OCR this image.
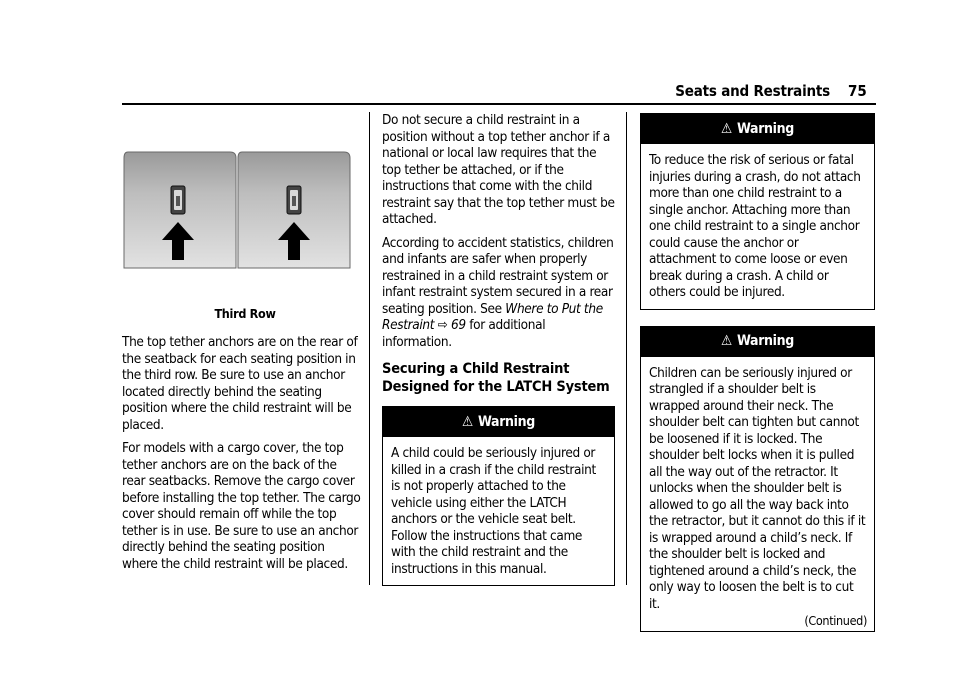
Seats and Restraints 75
Third Row

The top tether anchors are on the rear of the seatback for each seating position in the third row. Be sure to use an anchor located directly behind the seating position where the child restraint will be placed.

For models with a cargo cover, the top tether anchors are on the back of the rear seatbacks. Remove the cargo cover before installing the top tether. The cargo cover should remain off while the top tether is in use. Be sure to use an anchor directly behind the seating position where the child restraint will be placed.

Do not secure a child restraint in a position without a top tether anchor if a national or local law requires that the top tether be attached, or if the instructions that come with the child restraint say that the top tether must be attached.

According to accident statistics, children and infants are safer when properly restrained in a child restraint system or infant restraint system secured in a rear seating position. See Where to Put the Restraint ⇨ 69 for additional information.

Securing a Child Restraint Designed for the LATCH System
⚠ Warning
A child could be seriously injured or killed in a crash if the child restraint is not properly attached to the vehicle using either the LATCH anchors or the vehicle seat belt. Follow the instructions that came with the child restraint and the instructions in this manual.
⚠ Warning
To reduce the risk of serious or fatal injuries during a crash, do not attach more than one child restraint to a single anchor. Attaching more than one child restraint to a single anchor could cause the anchor or attachment to come loose or even break during a crash. A child or others could be injured.
⚠ Warning
Children can be seriously injured or strangled if a shoulder belt is wrapped around their neck. The shoulder belt can tighten but cannot be loosened if it is locked. The shoulder belt locks when it is pulled all the way out of the retractor. It unlocks when the shoulder belt is allowed to go all the way back into the retractor, but it cannot do this if it is wrapped around a child’s neck. If the shoulder belt is locked and tightened around a child’s neck, the only way to loosen the belt is to cut it.
(Continued)
